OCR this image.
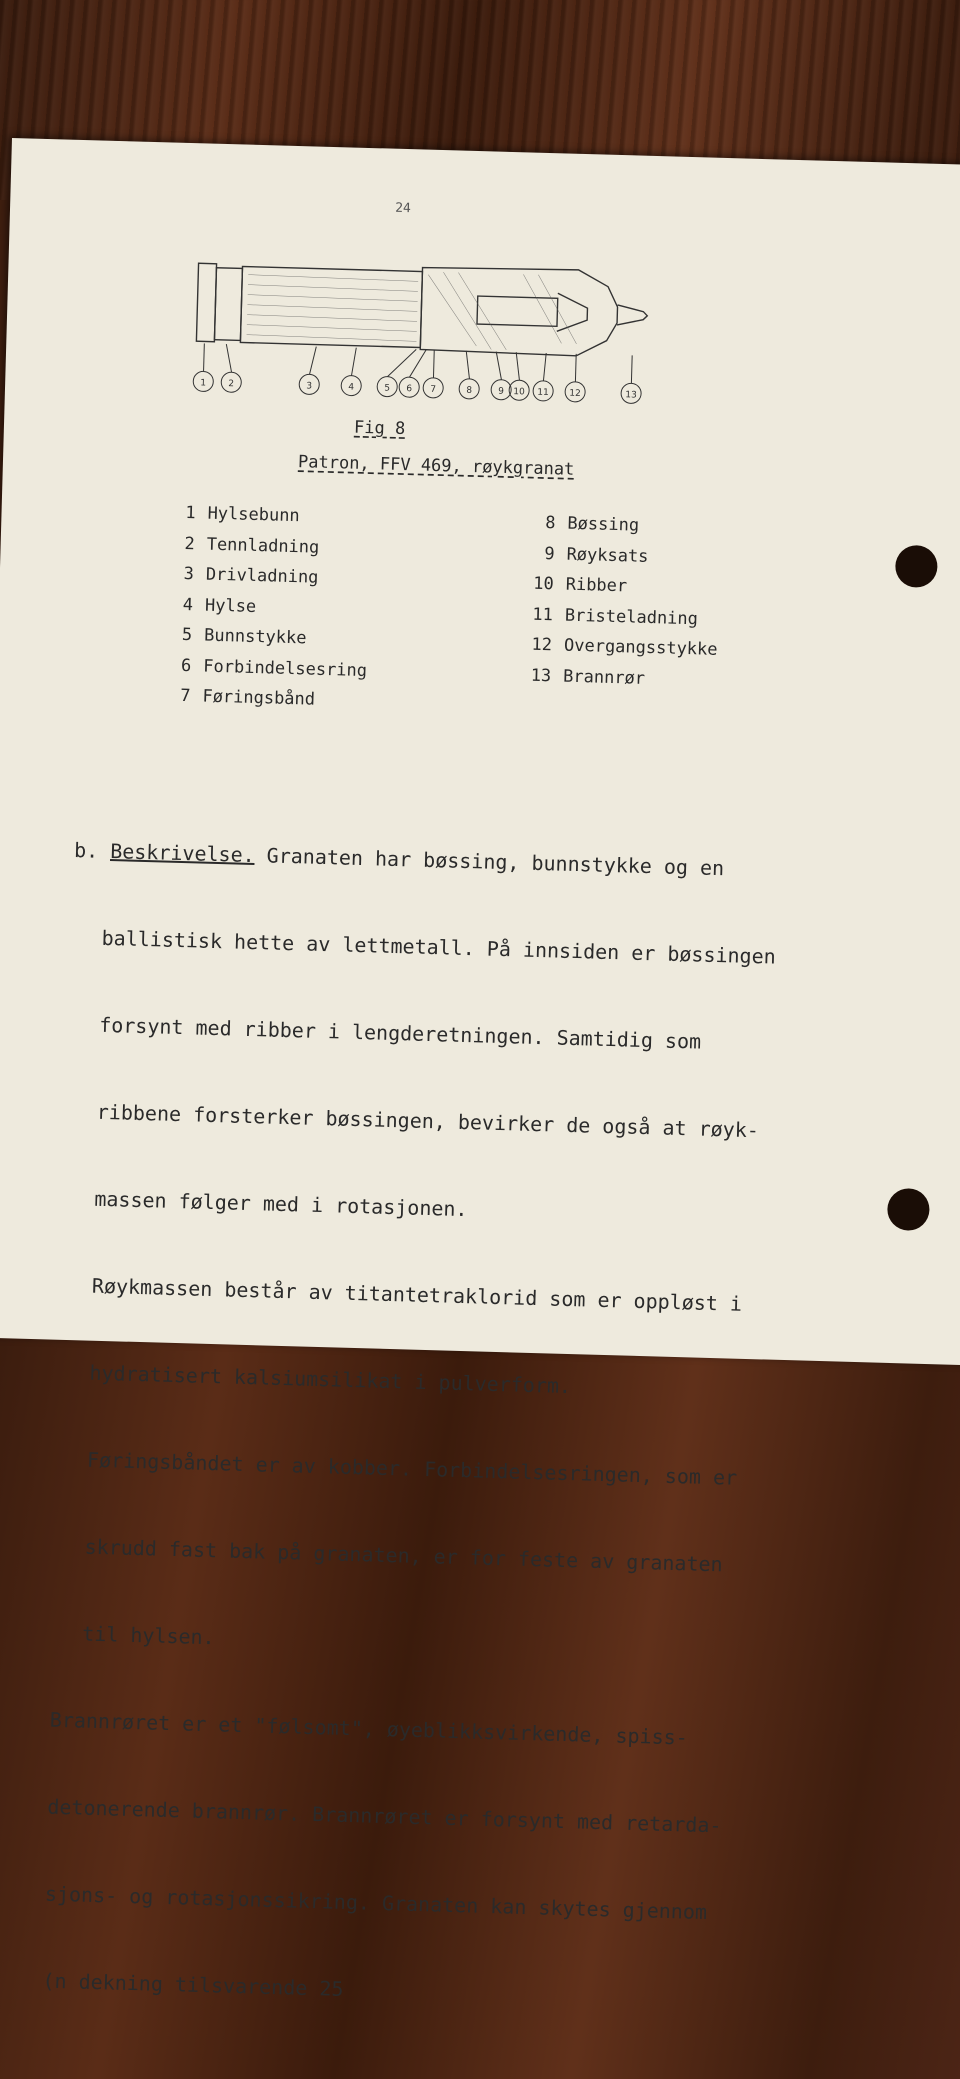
24
1 2	3	4	5 6 7	8	9 10 11 12	13
Fig 8
Patron, FFV 469, røykgranat
1 Hylsebunn
2 Tennladning
3 Drivladning
4 Hylse
5 Bunnstykke
6 Forbindelsesring
7 Føringsbånd
8 Bøssing
9 Røyksats
10 Ribber
11 Bristeladning
12 Overgangsstykke
13 Brannrør

b. Beskrivelse. Granaten har bøssing, bunnstykke og en

ballistisk hette av lettmetall. På innsiden er bøssingen

forsynt med ribber i lengderetningen. Samtidig som

ribbene forsterker bøssingen, bevirker de også at røyk-

massen følger med i rotasjonen.

Røykmassen består av titantetraklorid som er oppløst i

hydratisert kalsiumsilikat i pulverform.

Føringsbåndet er av kobber. Forbindelsesringen, som er

skrudd fast bak på granaten, er for feste av granaten

til hylsen.

Brannrøret er et "følsomt", øyeblikksvirkende, spiss-

detonerende brannrør. Brannrøret er forsynt med retarda-

sjons- og rotasjonssikring. Granaten kan skytes gjennom

(n dekning tilsvarende 25
